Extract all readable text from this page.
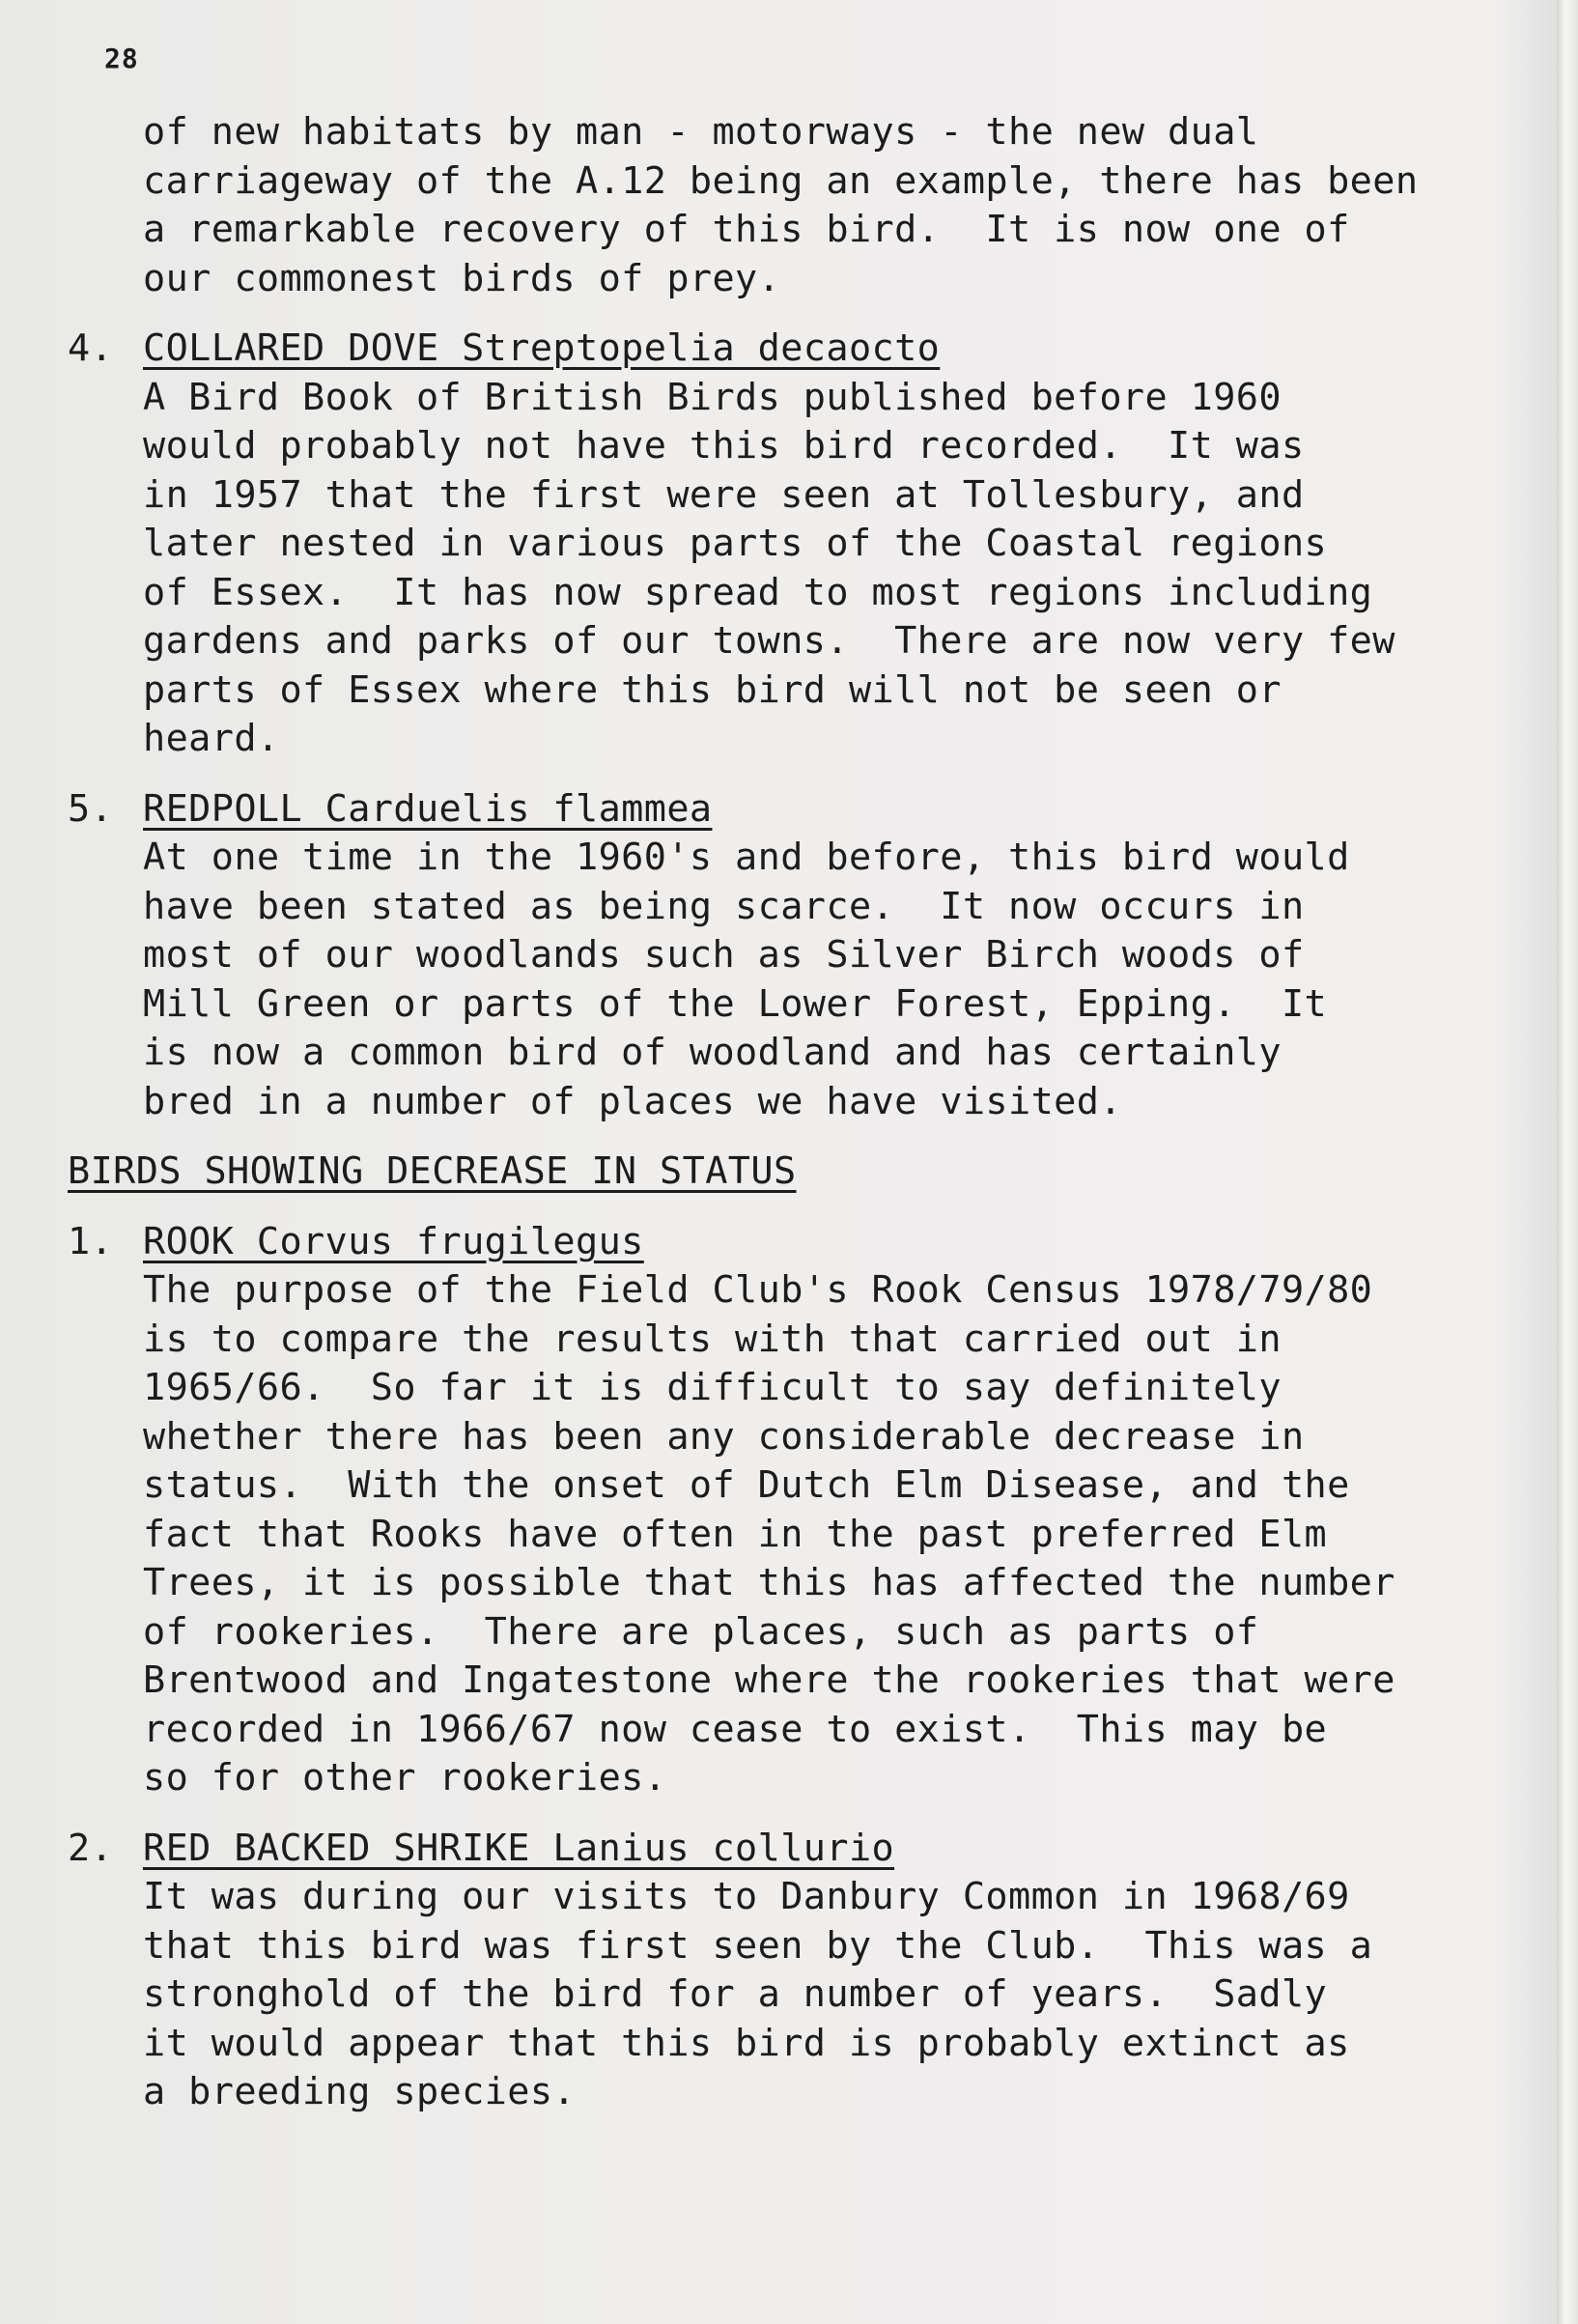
28
of new habitats by man - motorways - the new dual
carriageway of the A.12 being an example, there has been
a remarkable recovery of this bird.  It is now one of
our commonest birds of prey.
4. COLLARED DOVE Streptopelia decaocto
A Bird Book of British Birds published before 1960
would probably not have this bird recorded.  It was
in 1957 that the first were seen at Tollesbury, and
later nested in various parts of the Coastal regions
of Essex.  It has now spread to most regions including
gardens and parks of our towns.  There are now very few
parts of Essex where this bird will not be seen or
heard.
5. REDPOLL Carduelis flammea
At one time in the 1960's and before, this bird would
have been stated as being scarce.  It now occurs in
most of our woodlands such as Silver Birch woods of
Mill Green or parts of the Lower Forest, Epping.  It
is now a common bird of woodland and has certainly
bred in a number of places we have visited.
BIRDS SHOWING DECREASE IN STATUS
1. ROOK Corvus frugilegus
The purpose of the Field Club's Rook Census 1978/79/80
is to compare the results with that carried out in
1965/66.  So far it is difficult to say definitely
whether there has been any considerable decrease in
status.  With the onset of Dutch Elm Disease, and the
fact that Rooks have often in the past preferred Elm
Trees, it is possible that this has affected the number
of rookeries.  There are places, such as parts of
Brentwood and Ingatestone where the rookeries that were
recorded in 1966/67 now cease to exist.  This may be
so for other rookeries.
2. RED BACKED SHRIKE Lanius collurio
It was during our visits to Danbury Common in 1968/69
that this bird was first seen by the Club.  This was a
stronghold of the bird for a number of years.  Sadly
it would appear that this bird is probably extinct as
a breeding species.
